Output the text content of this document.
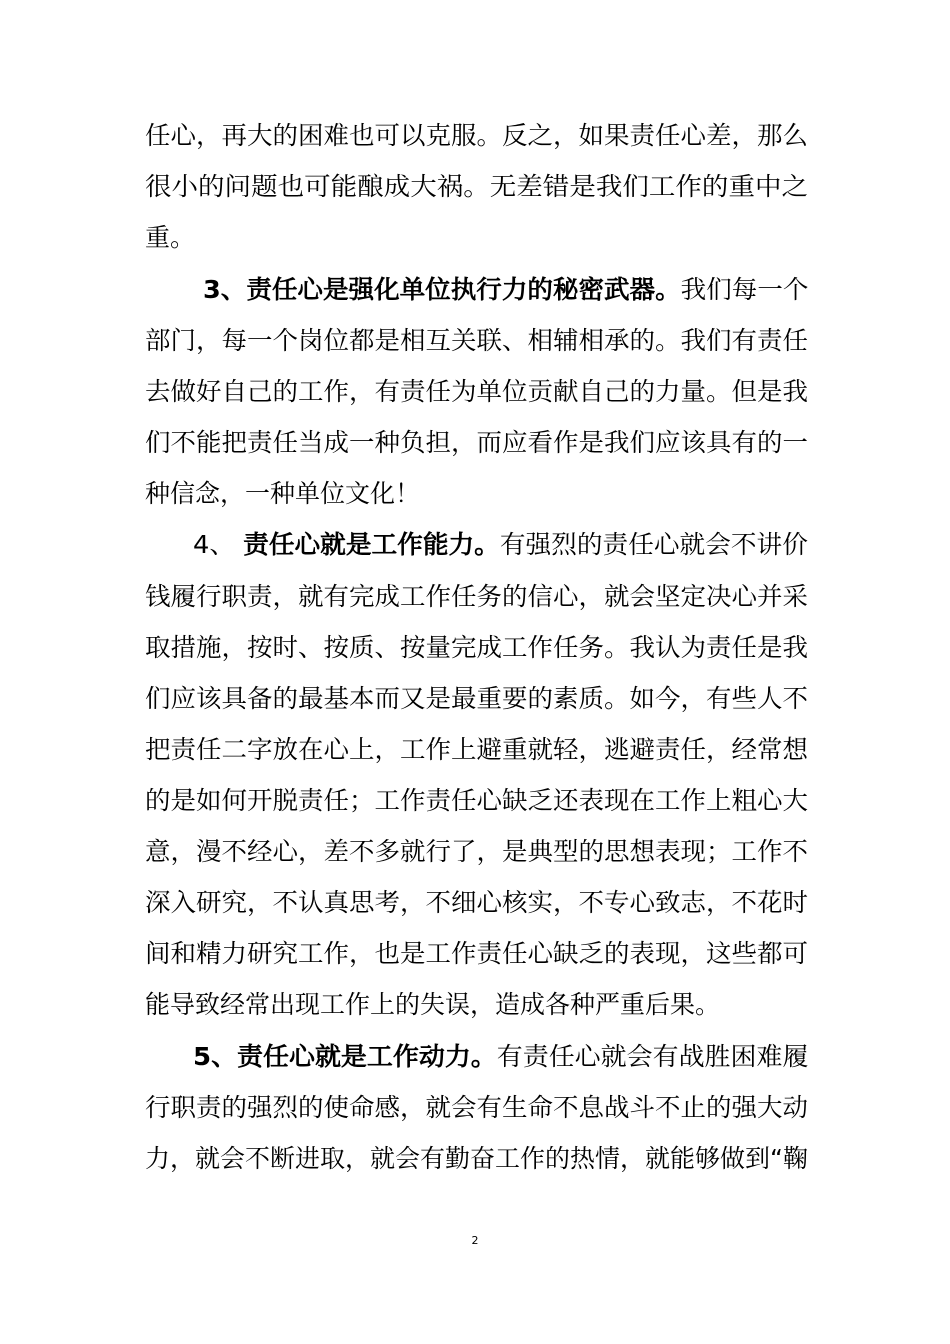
任心，再大的困难也可以克服。反之，如果责任心差，那么
很小的问题也可能酿成大祸。无差错是我们工作的重中之
重。
3、责任心是强化单位执行力的秘密武器。我们每一个
部门，每一个岗位都是相互关联、相辅相承的。我们有责任
去做好自己的工作，有责任为单位贡献自己的力量。但是我
们不能把责任当成一种负担，而应看作是我们应该具有的一
种信念，一种单位文化！
4、 责任心就是工作能力。有强烈的责任心就会不讲价
钱履行职责，就有完成工作任务的信心，就会坚定决心并采
取措施，按时、按质、按量完成工作任务。我认为责任是我
们应该具备的最基本而又是最重要的素质。如今，有些人不
把责任二字放在心上，工作上避重就轻，逃避责任，经常想
的是如何开脱责任；工作责任心缺乏还表现在工作上粗心大
意，漫不经心，差不多就行了，是典型的思想表现；工作不
深入研究，不认真思考，不细心核实，不专心致志，不花时
间和精力研究工作，也是工作责任心缺乏的表现，这些都可
能导致经常出现工作上的失误，造成各种严重后果。
5、责任心就是工作动力。有责任心就会有战胜困难履
行职责的强烈的使命感，就会有生命不息战斗不止的强大动
力，就会不断进取，就会有勤奋工作的热情，就能够做到“鞠
2
